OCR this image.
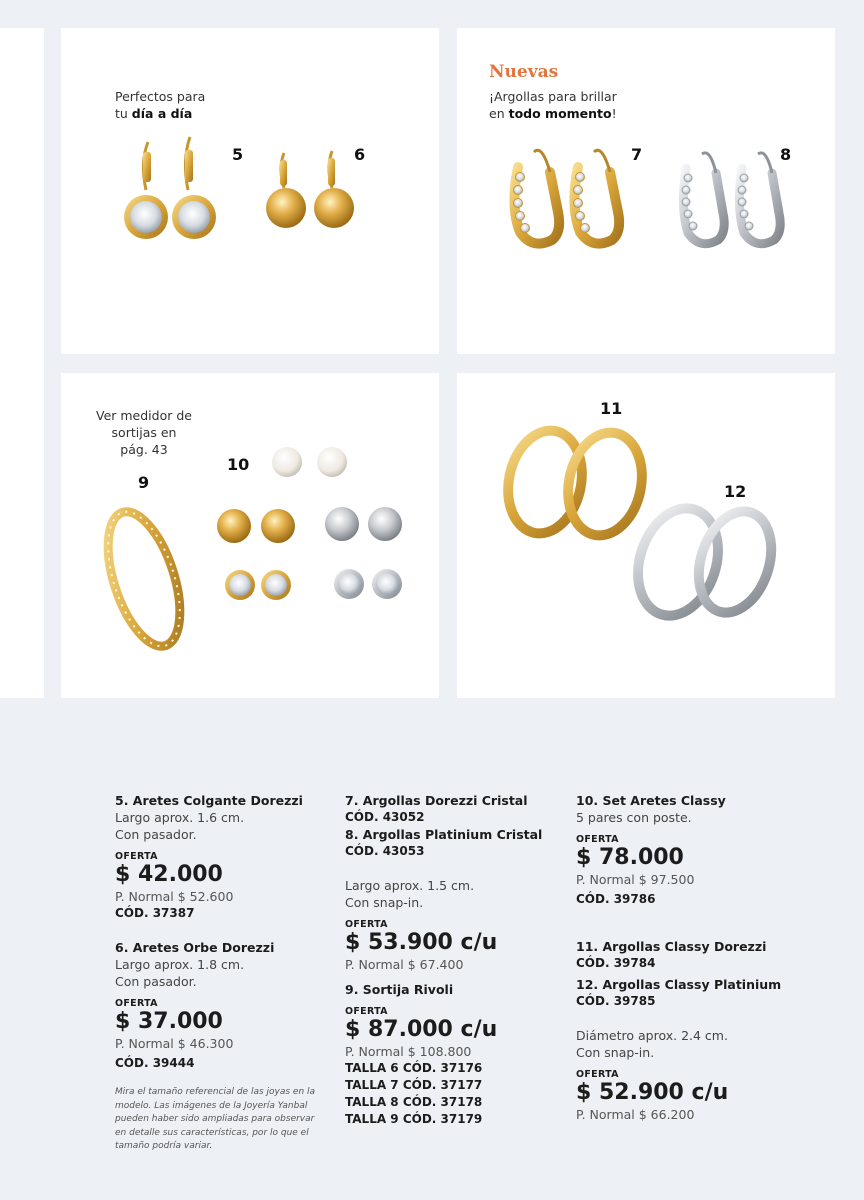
Perfectos para
tu día a día
5	6
Nuevas
¡Argollas para brillar
en todo momento!
7	8
Ver medidor de sortijas en pág. 43
9
10
11
12
5. Aretes Colgante Dorezzi
Largo aprox. 1.6 cm.
Con pasador.
OFERTA
$ 42.000
P. Normal $ 52.600
CÓD. 37387
6. Aretes Orbe Dorezzi
Largo aprox. 1.8 cm.
Con pasador.
OFERTA
$ 37.000
P. Normal $ 46.300
CÓD. 39444
Mira el tamaño referencial de las joyas en la modelo. Las imágenes de la Joyería Yanbal pueden haber sido ampliadas para observar en detalle sus características, por lo que el tamaño podría variar.
7. Argollas Dorezzi Cristal
CÓD. 43052
8. Argollas Platinium Cristal
CÓD. 43053
Largo aprox. 1.5 cm.
Con snap-in.
OFERTA
$ 53.900 c/u
P. Normal $ 67.400
9. Sortija Rivoli
OFERTA
$ 87.000 c/u
P. Normal $ 108.800
TALLA 6 CÓD. 37176
TALLA 7 CÓD. 37177
TALLA 8 CÓD. 37178
TALLA 9 CÓD. 37179
10. Set Aretes Classy
5 pares con poste.
OFERTA
$ 78.000
P. Normal $ 97.500
CÓD. 39786
11. Argollas Classy Dorezzi
CÓD. 39784
12. Argollas Classy Platinium
CÓD. 39785
Diámetro aprox. 2.4 cm.
Con snap-in.
OFERTA
$ 52.900 c/u
P. Normal $ 66.200
